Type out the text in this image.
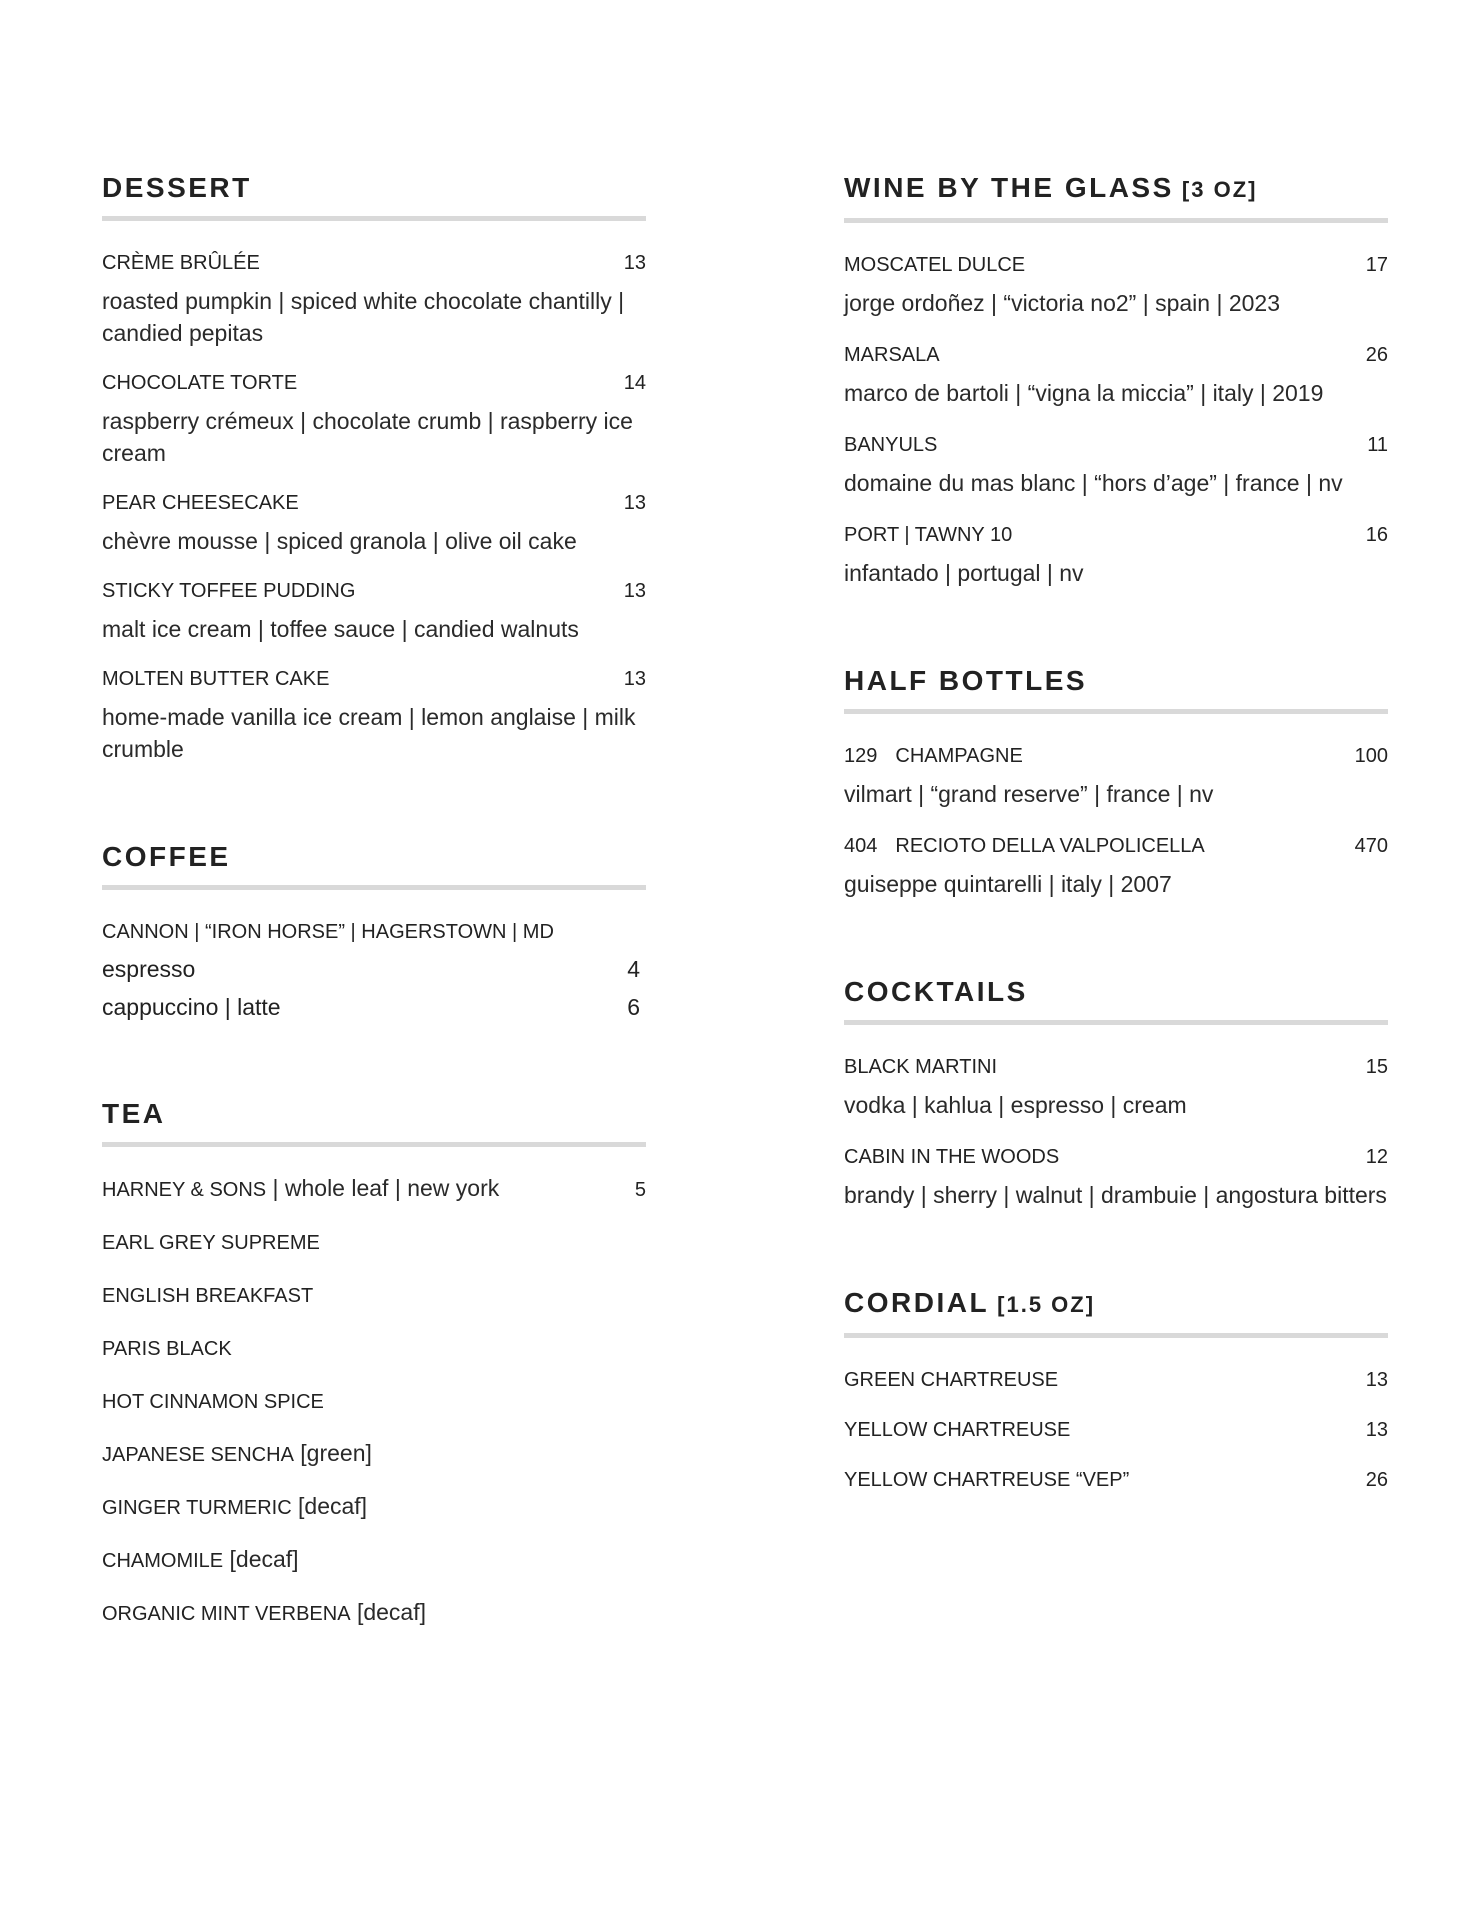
DESSERT
CRÈME BRÛLÉE	13
roasted pumpkin | spiced white chocolate chantilly | candied pepitas
CHOCOLATE TORTE	14
raspberry crémeux | chocolate crumb | raspberry ice cream
PEAR CHEESECAKE	13
chèvre mousse | spiced granola | olive oil cake
STICKY TOFFEE PUDDING	13
malt ice cream | toffee sauce | candied walnuts
MOLTEN BUTTER CAKE	13
home-made vanilla ice cream | lemon anglaise | milk crumble
COFFEE
CANNON | “IRON HORSE” | HAGERSTOWN | MD
espresso	4
cappuccino | latte	6
TEA
HARNEY & SONS | whole leaf | new york	5
EARL GREY SUPREME
ENGLISH BREAKFAST
PARIS BLACK
HOT CINNAMON SPICE
JAPANESE SENCHA [green]
GINGER TURMERIC [decaf]
CHAMOMILE [decaf]
ORGANIC MINT VERBENA [decaf]
WINE BY THE GLASS [3 OZ]
MOSCATEL DULCE	17
jorge ordoñez | “victoria no2” | spain | 2023
MARSALA	26
marco de bartoli | “vigna la miccia” | italy | 2019
BANYULS	11
domaine du mas blanc | “hors d’age” | france | nv
PORT | TAWNY 10	16
infantado | portugal | nv
HALF BOTTLES
129 CHAMPAGNE	100
vilmart | “grand reserve” | france | nv
404 RECIOTO DELLA VALPOLICELLA	470
guiseppe quintarelli | italy | 2007
COCKTAILS
BLACK MARTINI	15
vodka | kahlua | espresso | cream
CABIN IN THE WOODS	12
brandy | sherry | walnut | drambuie | angostura bitters
CORDIAL [1.5 OZ]
GREEN CHARTREUSE	13
YELLOW CHARTREUSE	13
YELLOW CHARTREUSE “VEP”	26
